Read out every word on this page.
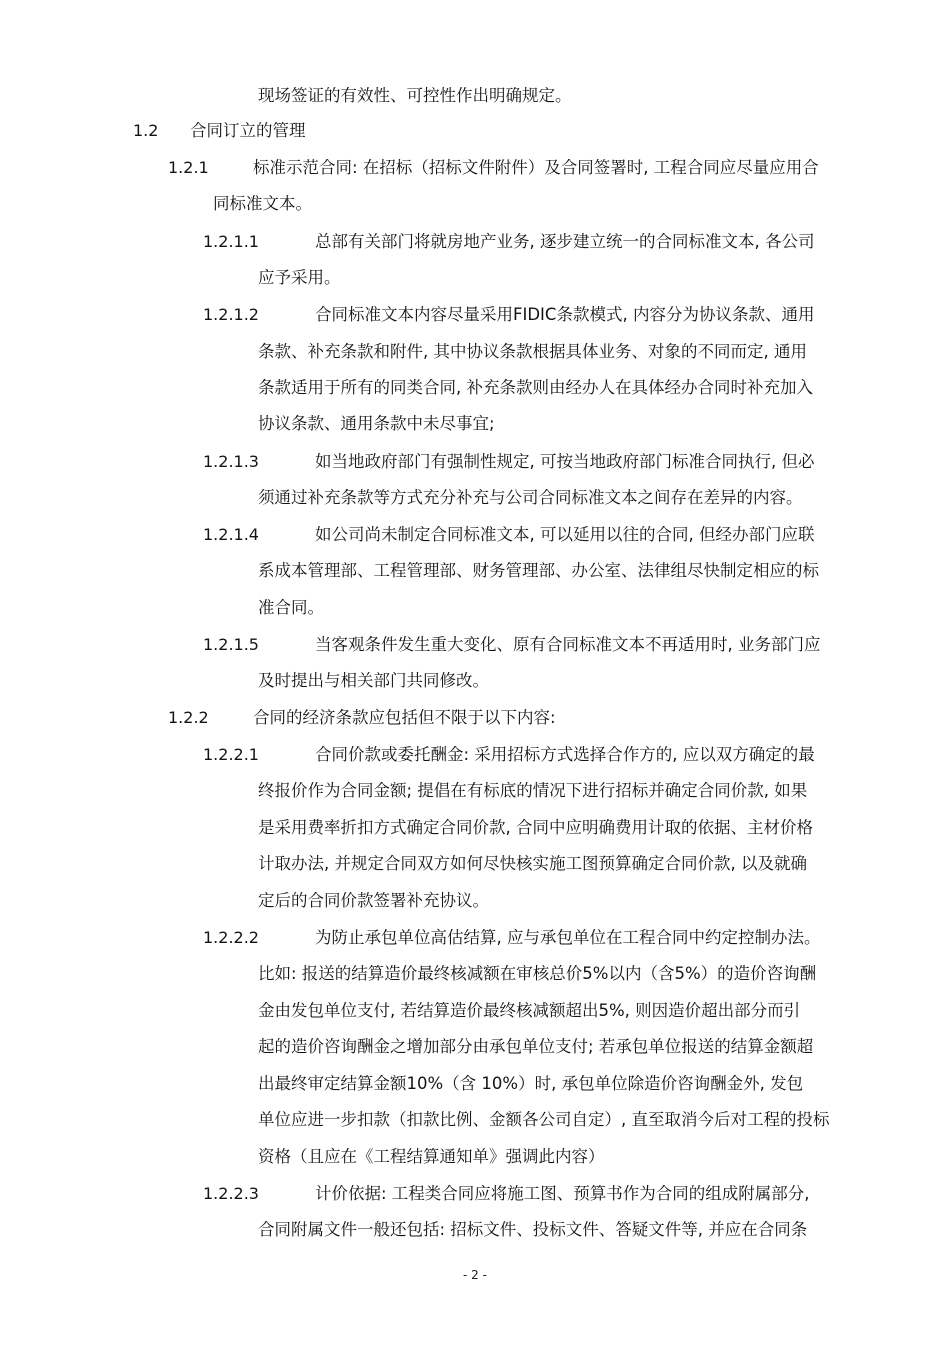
现场签证的有效性、可控性作出明确规定。
1.2 合同订立的管理
1.2.1	标准示范合同: 在招标（招标文件附件）及合同签署时, 工程合同应尽量应用合
同标准文本。
1.2.1.1	总部有关部门将就房地产业务, 逐步建立统一的合同标准文本, 各公司
应予采用。
1.2.1.2	合同标准文本内容尽量采用FIDIC条款模式, 内容分为协议条款、通用
条款、补充条款和附件, 其中协议条款根据具体业务、对象的不同而定, 通用
条款适用于所有的同类合同, 补充条款则由经办人在具体经办合同时补充加入
协议条款、通用条款中未尽事宜;
1.2.1.3	如当地政府部门有强制性规定, 可按当地政府部门标准合同执行, 但必
须通过补充条款等方式充分补充与公司合同标准文本之间存在差异的内容。
1.2.1.4	如公司尚未制定合同标准文本, 可以延用以往的合同, 但经办部门应联
系成本管理部、工程管理部、财务管理部、办公室、法律组尽快制定相应的标
准合同。
1.2.1.5	当客观条件发生重大变化、原有合同标准文本不再适用时, 业务部门应
及时提出与相关部门共同修改。
1.2.2	合同的经济条款应包括但不限于以下内容:
1.2.2.1	合同价款或委托酬金: 采用招标方式选择合作方的, 应以双方确定的最
终报价作为合同金额; 提倡在有标底的情况下进行招标并确定合同价款, 如果
是采用费率折扣方式确定合同价款, 合同中应明确费用计取的依据、主材价格
计取办法, 并规定合同双方如何尽快核实施工图预算确定合同价款, 以及就确
定后的合同价款签署补充协议。
1.2.2.2	为防止承包单位高估结算, 应与承包单位在工程合同中约定控制办法。
比如: 报送的结算造价最终核减额在审核总价5%以内（含5%）的造价咨询酬
金由发包单位支付, 若结算造价最终核减额超出5%, 则因造价超出部分而引
起的造价咨询酬金之增加部分由承包单位支付; 若承包单位报送的结算金额超
出最终审定结算金额10%（含 10%）时, 承包单位除造价咨询酬金外, 发包
单位应进一步扣款（扣款比例、金额各公司自定）, 直至取消今后对工程的投标
资格（且应在《工程结算通知单》强调此内容）
1.2.2.3	计价依据: 工程类合同应将施工图、预算书作为合同的组成附属部分,
合同附属文件一般还包括: 招标文件、投标文件、答疑文件等, 并应在合同条
- 2 -
